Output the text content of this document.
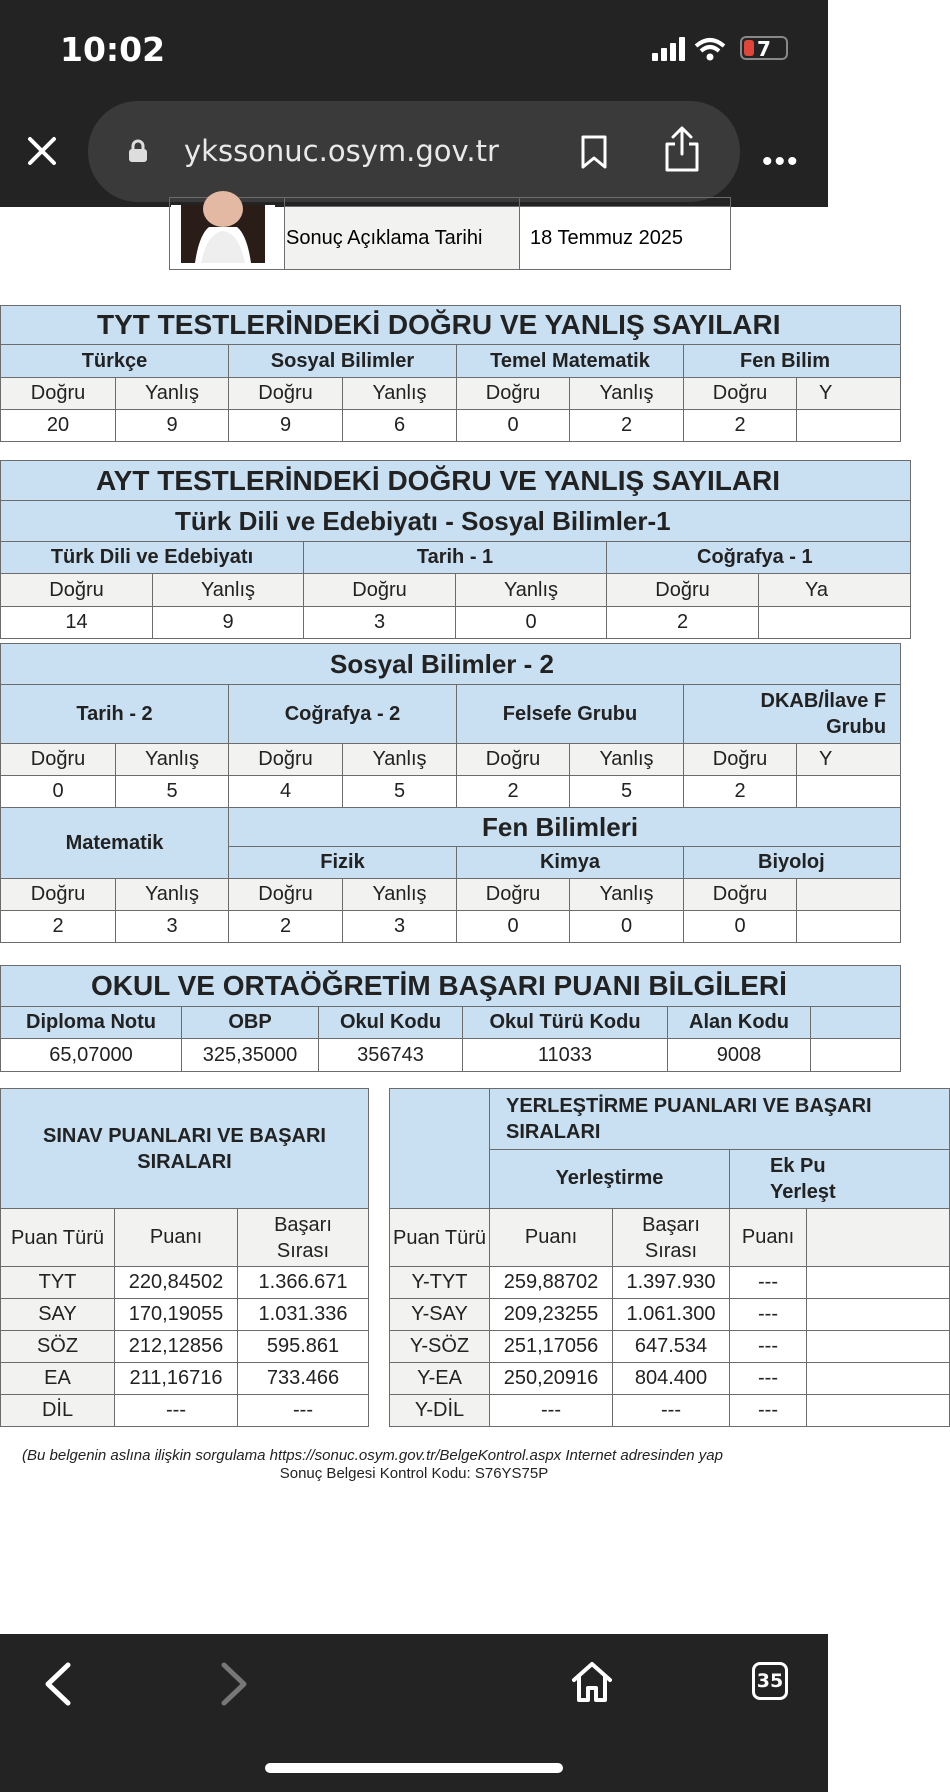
10:02	7
ykssonuc.osym.gov.tr	•••

	Sonuç Açıklama Tarihi	18 Temmuz 2025
TYT TESTLERİNDEKİ DOĞRU VE YANLIŞ SAYILARI							
Türkçe		Sosyal Bilimler		Temel Matematik		Fen Bilim	
Doğru	Yanlış	Doğru	Yanlış	Doğru	Yanlış	Doğru	Y
20	9	9	6	0	2	2	
AYT TESTLERİNDEKİ DOĞRU VE YANLIŞ SAYILARI					
Türk Dili ve Edebiyatı - Sosyal Bilimler-1					
Türk Dili ve Edebiyatı		Tarih - 1		Coğrafya - 1	
Doğru	Yanlış	Doğru	Yanlış	Doğru	Ya
14	9	3	0	2	
Sosyal Bilimler - 2							
Tarih - 2		Coğrafya - 2		Felsefe Grubu		DKAB/İlave F
Grubu	
Doğru	Yanlış	Doğru	Yanlış	Doğru	Yanlış	Doğru	Y
0	5	4	5	2	5	2	
Matematik		Fen Bilimleri					
		Fizik		Kimya		Biyoloj	
Doğru	Yanlış	Doğru	Yanlış	Doğru	Yanlış	Doğru	
2	3	2	3	0	0	0	
OKUL VE ORTAÖĞRETİM BAŞARI PUANI BİLGİLERİ					
Diploma Notu	OBP	Okul Kodu	Okul Türü Kodu	Alan Kodu	
65,07000	325,35000	356743	11033	9008	
SINAV PUANLARI VE BAŞARI SIRALARI		
Puan Türü	Puanı	Başarı Sırası
TYT	220,84502	1.366.671
SAY	170,19055	1.031.336
SÖZ	212,12856	595.861
EA	211,16716	733.466
DİL	---	---
	YERLEŞTİRME PUANLARI VE BAŞARI SIRALARI			
	Yerleştirme		Ek Pu
Yerleşt	
Puan Türü	Puanı	Başarı Sırası	Puanı	
Y-TYT	259,88702	1.397.930	---	
Y-SAY	209,23255	1.061.300	---	
Y-SÖZ	251,17056	647.534	---	
Y-EA	250,20916	804.400	---	
Y-DİL	---	---	---	
(Bu belgenin aslına ilişkin sorgulama https://sonuc.osym.gov.tr/BelgeKontrol.aspx Internet adresinden yap
Sonuç Belgesi Kontrol Kodu: S76YS75P
35
